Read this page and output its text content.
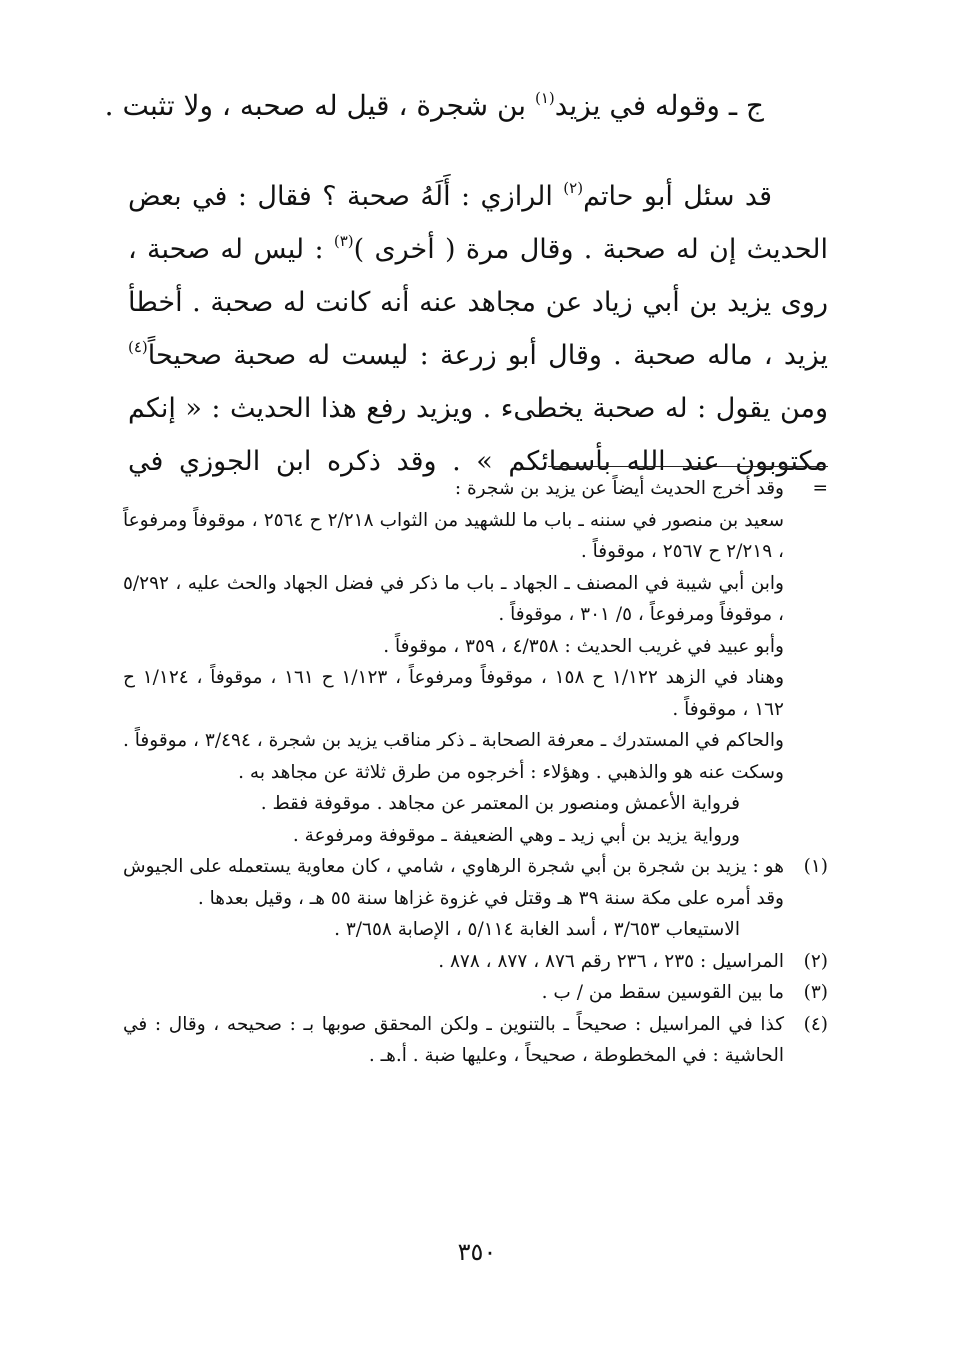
ج ـ وقوله في يزيد$^{(١)}$ بن شجرة ، قيل له صحبه ، ولا تثبت .

قد سئل أبو حاتم$^{(٢)}$ الرازي : أَلَهُ صحبة ؟ فقال : في بعض الحديث إن له صحبة . وقال مرة ( أخرى )$^{(٣)}$ : ليس له صحبة ، روى يزيد بن أبي زياد عن مجاهد عنه أنه كانت له صحبة . أخطأ يزيد ، ماله صحبة . وقال أبو زرعة : ليست له صحبة صحيحاً$^{(٤)}$ ومن يقول : له صحبة يخطىء . ويزيد رفع هذا الحديث : « إنكم مكتوبون عند الله بأسمائكم » . وقد ذكره ابن الجوزي في

=
وقد أخرج الحديث أيضاً عن يزيد بن شجرة :

سعيد بن منصور في سننه ـ باب ما للشهيد من الثواب ٢/٢١٨ ح ٢٥٦٤ ، موقوفاً ومرفوعاً ، ٢/٢١٩ ح ٢٥٦٧ ، موقوفاً .

وابن أبي شيبة في المصنف ـ الجهاد ـ باب ما ذكر في فضل الجهاد والحث عليه ، ٥/٢٩٢ ، موقوفاً ومرفوعاً ، ٥/ ٣٠١ ، موقوفاً .

وأبو عبيد في غريب الحديث : ٤/٣٥٨ ، ٣٥٩ ، موقوفاً .

وهناد في الزهد ١/١٢٢ ح ١٥٨ ، موقوفاً ومرفوعاً ، ١/١٢٣ ح ١٦١ ، موقوفاً ، ١/١٢٤ ح ١٦٢ ، موقوفاً .

والحاكم في المستدرك ـ معرفة الصحابة ـ ذكر مناقب يزيد بن شجرة ، ٣/٤٩٤ ، موقوفاً . وسكت عنه هو والذهبي . وهؤلاء : أخرجوه من طرق ثلاثة عن مجاهد به .

فرواية الأعمش ومنصور بن المعتمر عن مجاهد . موقوفة فقط .

ورواية يزيد بن أبي زيد ـ وهي الضعيفة ـ موقوفة ومرفوعة .

(١)
هو : يزيد بن شجرة بن أبي شجرة الرهاوي ، شامي ، كان معاوية يستعمله على الجيوش وقد أمره على مكة سنة ٣٩ هـ وقتل في غزوة غزاها سنة ٥٥ هـ ، وقيل بعدها .

الاستيعاب ٣/٦٥٣ ، أسد الغابة ٥/١١٤ ، الإصابة ٣/٦٥٨ .

(٢)
المراسيل : ٢٣٥ ، ٢٣٦ رقم ٨٧٦ ، ٨٧٧ ، ٨٧٨ .
(٣)
ما بين القوسين سقط من / ب .
(٤)
كذا في المراسيل : صحيحاً ـ بالتنوين ـ ولكن المحقق صوبها بـ : صحيحه ، وقال : في الحاشية : في المخطوطة ، صحيحاً ، وعليها ضبة . أ.هـ .
٣٥٠
